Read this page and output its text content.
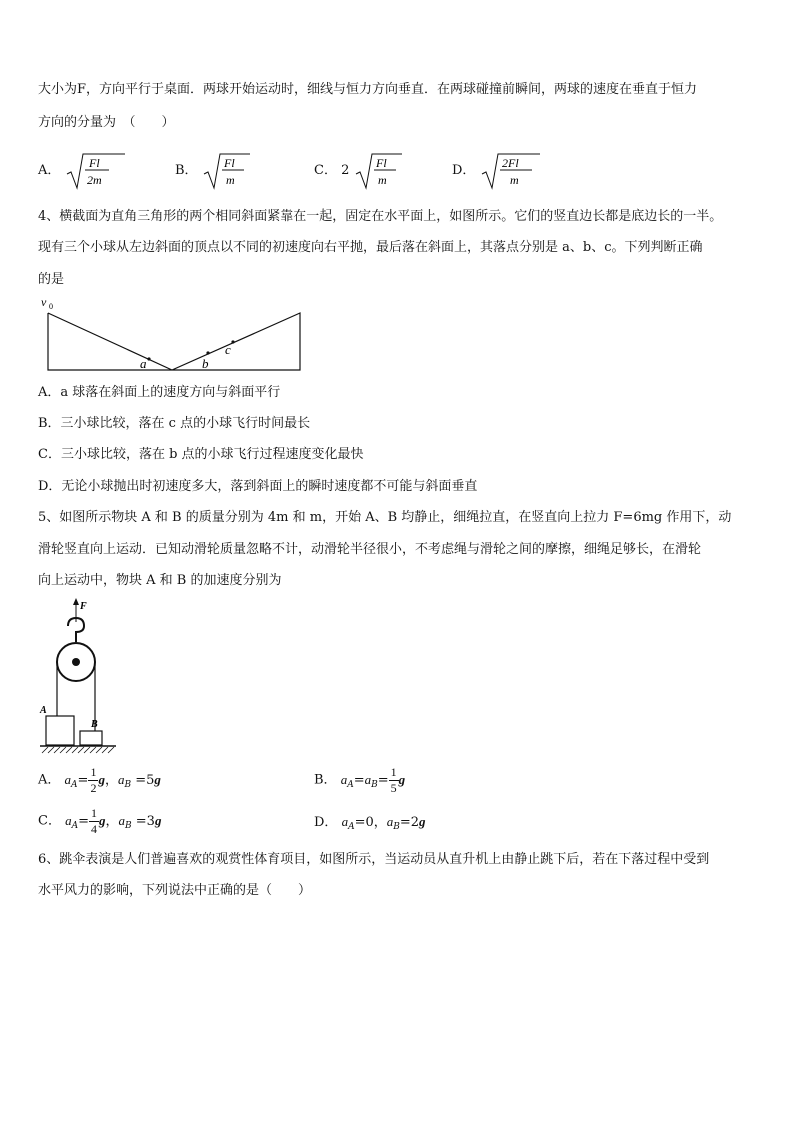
大小为F，方向平行于桌面．两球开始运动时，细线与恒力方向垂直．在两球碰撞前瞬间，两球的速度在垂直于恒力
方向的分量为　（　　）
A． Fl
2m
B． Fl
m
C． 2 Fl
m
D． 2Fl
m
4、横截面为直角三角形的两个相同斜面紧靠在一起，固定在水平面上，如图所示。它们的竖直边长都是底边长的一半。
现有三个小球从左边斜面的顶点以不同的初速度向右平抛，最后落在斜面上，其落点分别是 a、b、c。下列判断正确
的是
v 0
a	b
c
A．a 球落在斜面上的速度方向与斜面平行
B．三小球比较，落在 c 点的小球飞行时间最长
C．三小球比较，落在 b 点的小球飞行过程速度变化最快
D．无论小球抛出时初速度多大，落到斜面上的瞬时速度都不可能与斜面垂直
5、如图所示物块 A 和 B 的质量分别为 4m 和 m，开始 A、B 均静止，细绳拉直，在竖直向上拉力 F=6mg 作用下，动
滑轮竖直向上运动．已知动滑轮质量忽略不计，动滑轮半径很小，不考虑绳与滑轮之间的摩擦，细绳足够长，在滑轮
向上运动中，物块 A 和 B 的加速度分别为
F
A
B
A． $a_A= \frac{1}{2}$ g，$a_B =5g$	B． $a_A=a_B= \frac{1}{5}$ g
C． $a_A= \frac{1}{4}$ g，$a_B =3g$	D． $a_A=0$，$a_B=2g$
6、跳伞表演是人们普遍喜欢的观赏性体育项目，如图所示，当运动员从直升机上由静止跳下后，若在下落过程中受到
水平风力的影响，下列说法中正确的是（　　）
